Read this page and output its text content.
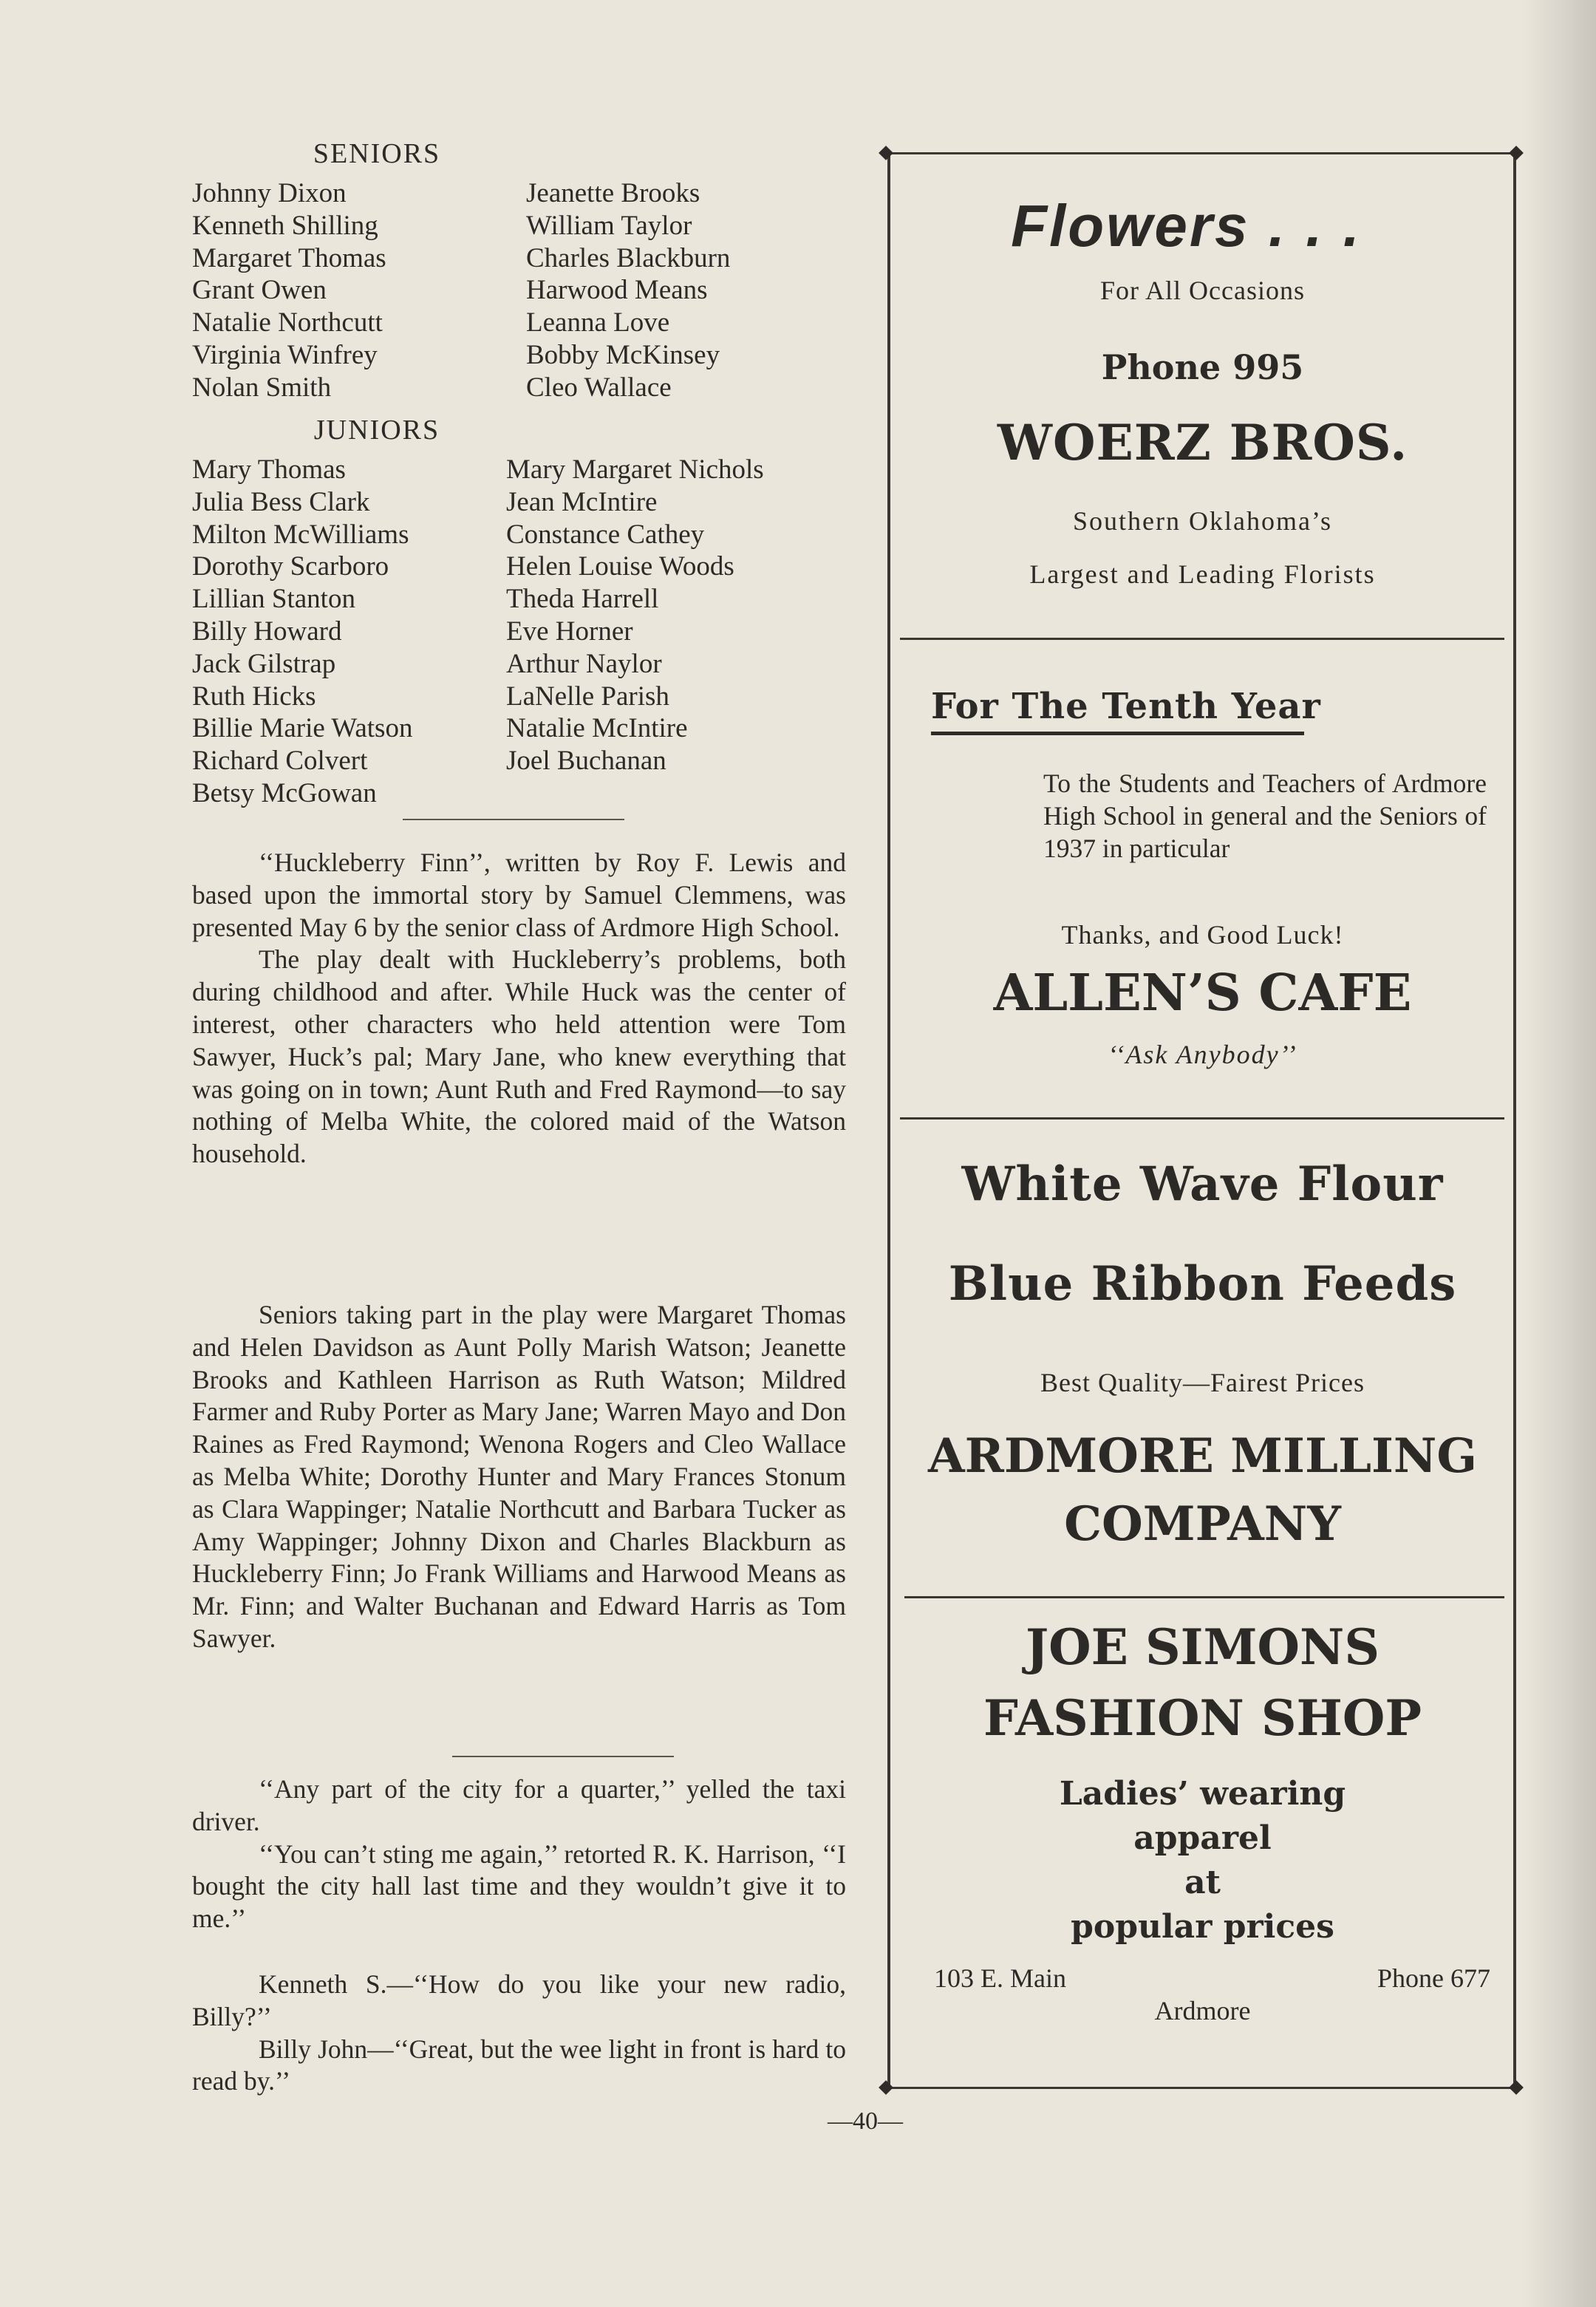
SENIORS
Johnny Dixon
Kenneth Shilling
Margaret Thomas
Grant Owen
Natalie Northcutt
Virginia Winfrey
Nolan Smith
Jeanette Brooks
William Taylor
Charles Blackburn
Harwood Means
Leanna Love
Bobby McKinsey
Cleo Wallace
JUNIORS
Mary Thomas
Julia Bess Clark
Milton McWilliams
Dorothy Scarboro
Lillian Stanton
Billy Howard
Jack Gilstrap
Ruth Hicks
Billie Marie Watson
Richard Colvert
Betsy McGowan
Mary Margaret Nichols
Jean McIntire
Constance Cathey
Helen Louise Woods
Theda Harrell
Eve Horner
Arthur Naylor
LaNelle Parish
Natalie McIntire
Joel Buchanan

‘‘Huckleberry Finn’’, written by Roy F. Lewis and based upon the immortal story by Samuel Clemmens, was presented May 6 by the senior class of Ardmore High School.

The play dealt with Huckleberry’s problems, both during childhood and after. While Huck was the center of interest, other characters who held attention were Tom Sawyer, Huck’s pal; Mary Jane, who knew everything that was going on in town; Aunt Ruth and Fred Raymond—to say nothing of Melba White, the colored maid of the Watson household.

Seniors taking part in the play were Margaret Thomas and Helen Davidson as Aunt Polly Marish Watson; Jeanette Brooks and Kathleen Harrison as Ruth Watson; Mildred Farmer and Ruby Porter as Mary Jane; Warren Mayo and Don Raines as Fred Raymond; Wenona Rogers and Cleo Wallace as Melba White; Dorothy Hunter and Mary Frances Stonum as Clara Wappinger; Natalie Northcutt and Barbara Tucker as Amy Wappinger; Johnny Dixon and Charles Blackburn as Huckleberry Finn; Jo Frank Williams and Harwood Means as Mr. Finn; and Walter Buchanan and Edward Harris as Tom Sawyer.

‘‘Any part of the city for a quarter,’’ yelled the taxi driver.

‘‘You can’t sting me again,’’ retorted R. K. Harrison, ‘‘I bought the city hall last time and they wouldn’t give it to me.’’

Kenneth S.—‘‘How do you like your new radio, Billy?’’

Billy John—‘‘Great, but the wee light in front is hard to read by.’’

Flowers . . .
For All Occasions
Phone 995
WOERZ BROS.
Southern Oklahoma’s
Largest and Leading Florists
For The Tenth Year
To the Students and Teachers of Ardmore High School in general and the Seniors of 1937 in particular
Thanks, and Good Luck!
ALLEN’S CAFE
‘‘Ask Anybody’’
White Wave Flour
Blue Ribbon Feeds
Best Quality—Fairest Prices
ARDMORE MILLING
COMPANY
JOE SIMONS
FASHION SHOP
Ladies’ wearing
apparel
at
popular prices
103 E. Main	Phone 677
Ardmore
—40—
